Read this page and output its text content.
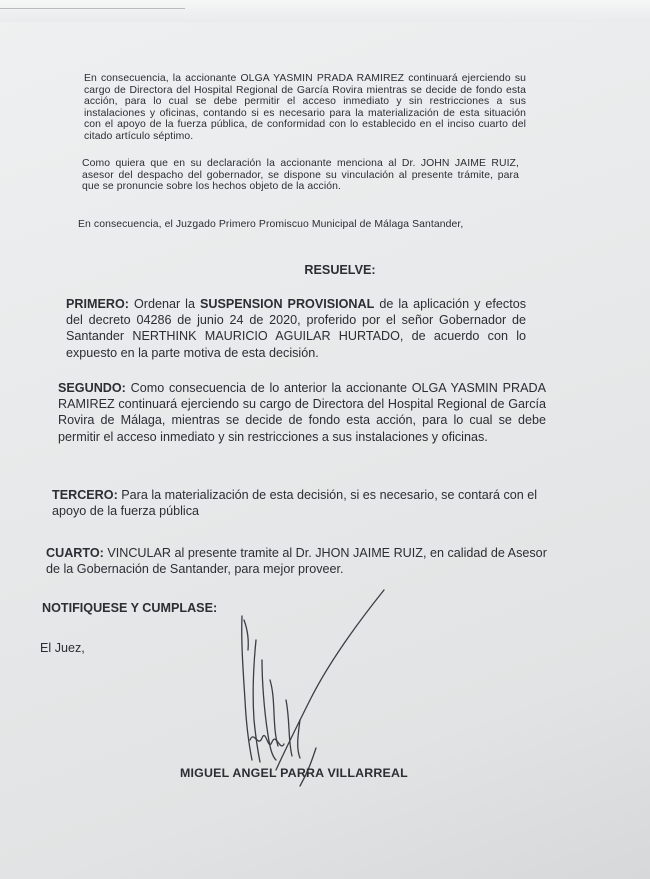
En consecuencia, la accionante OLGA YASMIN PRADA RAMIREZ continuará ejerciendo su cargo de Directora del Hospital Regional de García Rovira mientras se decide de fondo esta acción, para lo cual se debe permitir el acceso inmediato y sin restricciones a sus instalaciones y oficinas, contando si es necesario para la materialización de esta situación con el apoyo de la fuerza pública, de conformidad con lo establecido en el inciso cuarto del citado artículo séptimo.

Como quiera que en su declaración la accionante menciona al Dr. JOHN JAIME RUIZ, asesor del despacho del gobernador, se dispone su vinculación al presente trámite, para que se pronuncie sobre los hechos objeto de la acción.

En consecuencia, el Juzgado Primero Promiscuo Municipal de Málaga Santander,

RESUELVE:

PRIMERO: Ordenar la SUSPENSION PROVISIONAL de la aplicación y efectos del decreto 04286 de junio 24 de 2020, proferido por el señor Gobernador de Santander NERTHINK MAURICIO AGUILAR HURTADO, de acuerdo con lo expuesto en la parte motiva de esta decisión.

SEGUNDO: Como consecuencia de lo anterior la accionante OLGA YASMIN PRADA RAMIREZ continuará ejerciendo su cargo de Directora del Hospital Regional de García Rovira de Málaga, mientras se decide de fondo esta acción, para lo cual se debe permitir el acceso inmediato y sin restricciones a sus instalaciones y oficinas.

TERCERO: Para la materialización de esta decisión, si es necesario, se contará con el apoyo de la fuerza pública

CUARTO: VINCULAR al presente tramite al Dr. JHON JAIME RUIZ, en calidad de Asesor de la Gobernación de Santander, para mejor proveer.

NOTIFIQUESE Y CUMPLASE:

El Juez,

MIGUEL ANGEL PARRA VILLARREAL
